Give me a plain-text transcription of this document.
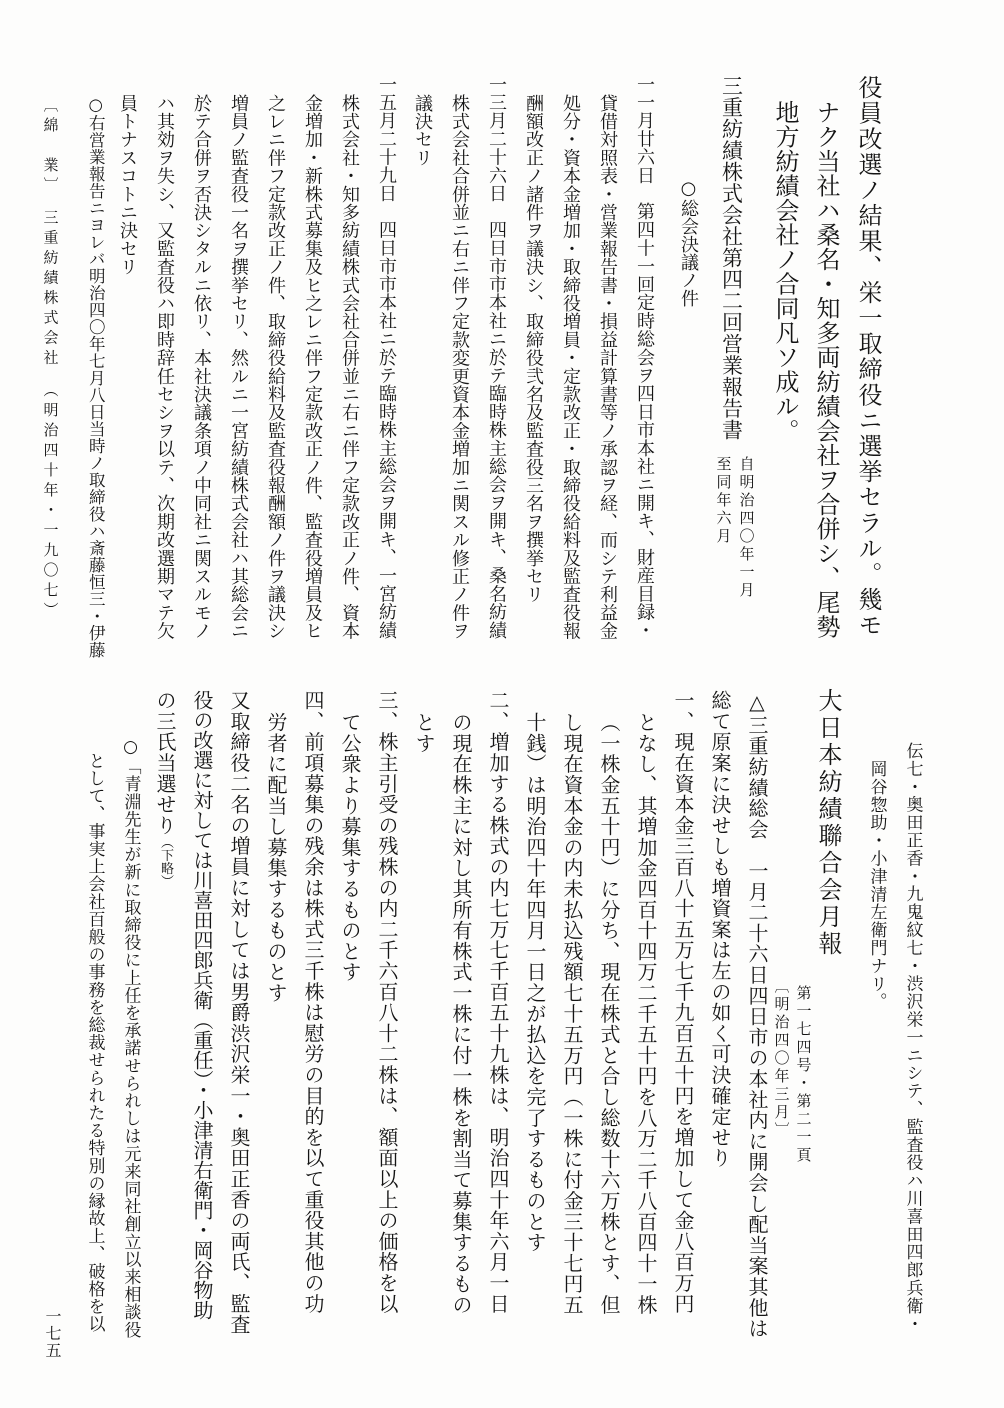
役員改選ノ結果、栄一取締役ニ選挙セラル。幾モ
ナク当社ハ桑名・知多両紡績会社ヲ合併シ、尾勢
地方紡績会社ノ合同凡ソ成ル。
三重紡績株式会社第四二回営業報告書
自明治四〇年一月
至同年六月
○総会決議ノ件
一一月廿六日　第四十一回定時総会ヲ四日市本社ニ開キ、財産目録・
貸借対照表・営業報告書・損益計算書等ノ承認ヲ経、而シテ利益金
処分・資本金増加・取締役増員・定款改正・取締役給料及監査役報
酬額改正ノ諸件ヲ議決シ、取締役弐名及監査役三名ヲ撰挙セリ
一三月二十六日　四日市市本社ニ於テ臨時株主総会ヲ開キ、桑名紡績
株式会社合併並ニ右ニ伴フ定款変更資本金増加ニ関スル修正ノ件ヲ
議決セリ
一五月二十九日　四日市市本社ニ於テ臨時株主総会ヲ開キ、一宮紡績
株式会社・知多紡績株式会社合併並ニ右ニ伴フ定款改正ノ件、資本
金増加・新株式募集及ヒ之レニ伴フ定款改正ノ件、監査役増員及ヒ
之レニ伴フ定款改正ノ件、取締役給料及監査役報酬額ノ件ヲ議決シ
増員ノ監査役一名ヲ撰挙セリ、然ルニ一宮紡績株式会社ハ其総会ニ
於テ合併ヲ否決シタルニ依リ、本社決議条項ノ中同社ニ関スルモノ
ハ其効ヲ失シ、又監査役ハ即時辞任セシヲ以テ、次期改選期マテ欠
員トナスコトニ決セリ
○右営業報告ニヨレバ明治四〇年七月八日当時ノ取締役ハ斎藤恒三・伊藤
〔綿　業〕　三重紡績株式会社　（明治四十年・一九〇七）
伝七・奥田正香・九鬼紋七・渋沢栄一ニシテ、監査役ハ川喜田四郎兵衛・
岡谷惣助・小津清左衛門ナリ。
大日本紡績聯合会月報
第一七四号・第二一頁
〔明治四〇年三月〕
△三重紡績総会　一月二十六日四日市の本社内に開会し配当案其他は
総て原案に決せしも増資案は左の如く可決確定せり
一、現在資本金三百八十五万七千九百五十円を増加して金八百万円
となし、其増加金四百十四万二千五十円を八万二千八百四十一株
（一株金五十円）に分ち、現在株式と合し総数十六万株とす、但
し現在資本金の内未払込残額七十五万円（一株に付金三十七円五
十銭）は明治四十年四月一日之が払込を完了するものとす
二、増加する株式の内七万七千百五十九株は、明治四十年六月一日
の現在株主に対し其所有株式一株に付一株を割当て募集するもの
とす
三、株主引受の残株の内二千六百八十二株は、額面以上の価格を以
て公衆より募集するものとす
四、前項募集の残余は株式三千株は慰労の目的を以て重役其他の功
労者に配当し募集するものとす
又取締役二名の増員に対しては男爵渋沢栄一・奥田正香の両氏、監査
役の改選に対しては川喜田四郎兵衛（重任）・小津清右衛門・岡谷物助
の三氏当選せり（下略）
○「青淵先生が新に取締役に上任を承諾せられしは元来同社創立以来相談役
として、事実上会社百般の事務を総裁せられたる特別の縁故上、破格を以
一七五
